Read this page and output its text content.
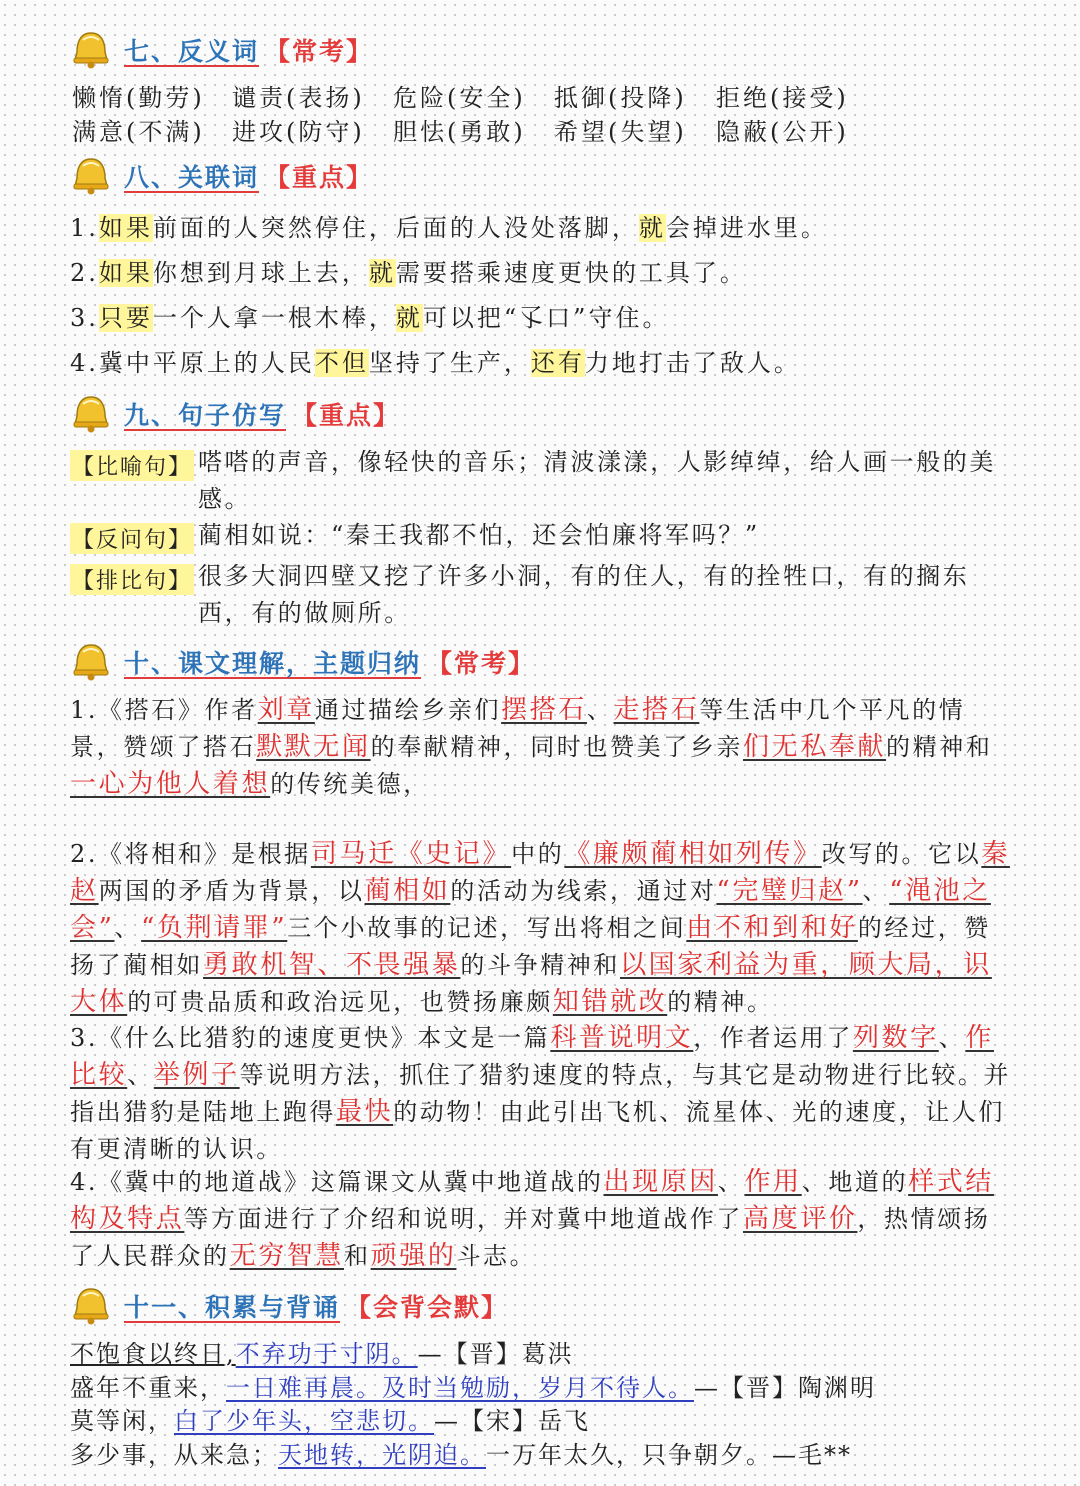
七、反义词 【常考】
懒惰(勤劳) 谴责(表扬) 危险(安全) 抵御(投降) 拒绝(接受)
满意(不满) 进攻(防守) 胆怯(勇敢) 希望(失望) 隐蔽(公开)
八、关联词 【重点】
1.如果前面的人突然停住，后面的人没处落脚，就会掉进水里。
2.如果你想到月球上去，就需要搭乘速度更快的工具了。
3.只要一个人拿一根木棒，就可以把“孓口”守住。
4.冀中平原上的人民不但坚持了生产，还有力地打击了敌人。
九、句子仿写 【重点】
【比喻句】 嗒嗒的声音，像轻快的音乐；清波漾漾，人影绰绰，给人画一般的美感。
【反问句】 蔺相如说：“秦王我都不怕，还会怕廉将军吗？”
【排比句】 很多大洞四壁又挖了许多小洞，有的住人，有的拴牲口，有的搁东西，有的做厕所。
十、课文理解，主题归纳 【常考】
1.《搭石》作者刘章通过描绘乡亲们摆搭石、走搭石等生活中几个平凡的情景，赞颂了搭石默默无闻的奉献精神，同时也赞美了乡亲们无私奉献的精神和一心为他人着想的传统美德，
2.《将相和》是根据司马迁《史记》中的《廉颇蔺相如列传》改写的。它以秦赵两国的矛盾为背景，以蔺相如的活动为线索，通过对“完璧归赵”、“渑池之会”、“负荆请罪”三个小故事的记述，写出将相之间由不和到和好的经过，赞扬了蔺相如勇敢机智、不畏强暴的斗争精神和以国家利益为重，顾大局，识大体的可贵品质和政治远见，也赞扬廉颇知错就改的精神。
3.《什么比猎豹的速度更快》本文是一篇科普说明文，作者运用了列数字、作比较、举例子等说明方法，抓住了猎豹速度的特点，与其它是动物进行比较。并指出猎豹是陆地上跑得最快的动物！由此引出飞机、流星体、光的速度，让人们有更清晰的认识。
4.《冀中的地道战》这篇课文从冀中地道战的出现原因、作用、地道的样式结构及特点等方面进行了介绍和说明，并对冀中地道战作了高度评价，热情颂扬了人民群众的无穷智慧和顽强的斗志。
十一、积累与背诵 【会背会默】
不饱食以终日,不弃功于寸阴。—【晋】葛洪
盛年不重来，一日难再晨。及时当勉励，岁月不待人。—【晋】陶渊明
莫等闲，白了少年头，空悲切。—【宋】岳飞
多少事，从来急；天地转，光阴迫。一万年太久，只争朝夕。—毛**
